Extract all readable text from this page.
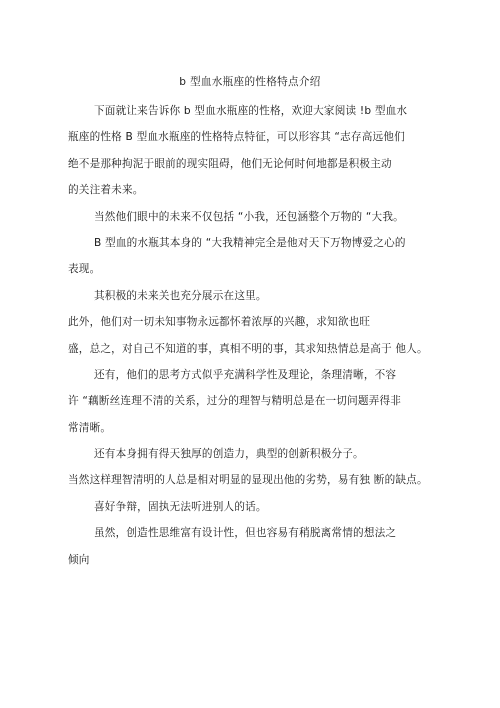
b 型血水瓶座的性格特点介绍
下面就让来告诉你 b 型血水瓶座的性格，欢迎大家阅读 !b 型血水
瓶座的性格 B 型血水瓶座的性格特点特征，可以形容其 “志存高远他们
绝不是那种拘泥于眼前的现实阻碍，他们无论何时何地都是积极主动
的关注着未来。
当然他们眼中的未来不仅包括 “小我，还包涵整个万物的 “大我。
B 型血的水瓶其本身的 “大我精神完全是他对天下万物博爱之心的
表现。
其积极的未来关也充分展示在这里。
此外，他们对一切未知事物永远都怀着浓厚的兴趣，求知欲也旺
盛，总之，对自己不知道的事，真相不明的事，其求知热情总是高于 他人。
还有，他们的思考方式似乎充满科学性及理论，条理清晰，不容
许 “藕断丝连理不清的关系，过分的理智与精明总是在一切问题弄得非
常清晰。
还有本身拥有得天独厚的创造力，典型的创新积极分子。
当然这样理智清明的人总是相对明显的显现出他的劣势，易有独 断的缺点。
喜好争辩，固执无法听进别人的话。
虽然，创造性思维富有设计性，但也容易有稍脱离常情的想法之
倾向
